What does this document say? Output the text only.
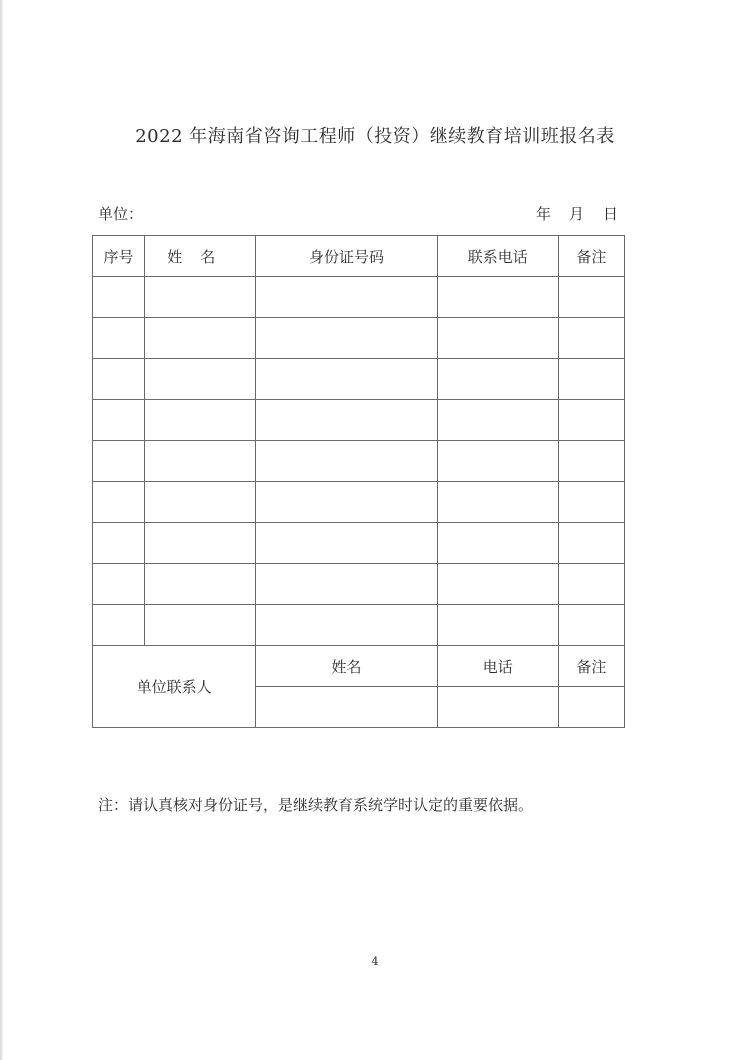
2022 年海南省咨询工程师（投资）继续教育培训班报名表
单位：	年 月 日
序号	姓名	身份证号码	联系电话	备注

单位联系人		姓名	电话	备注

注：请认真核对身份证号，是继续教育系统学时认定的重要依据。
4
